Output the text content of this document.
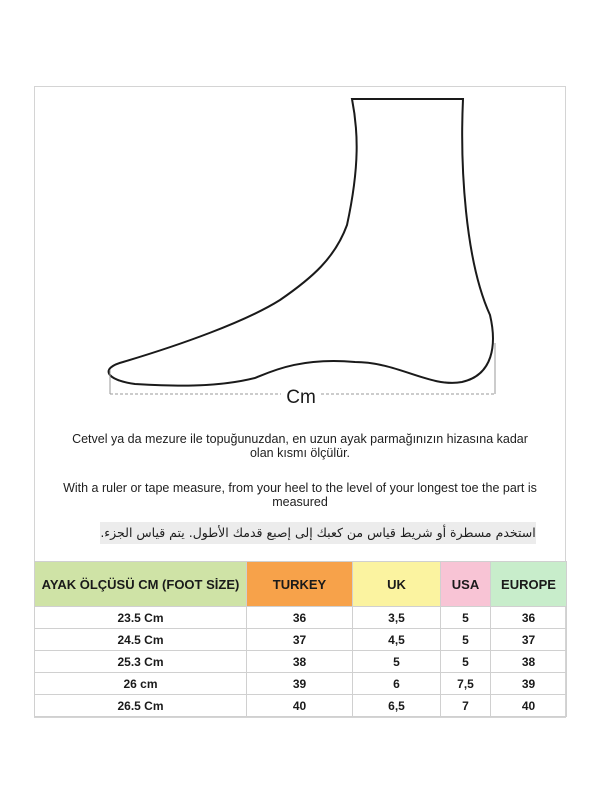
Cm
Cetvel ya da mezure ile topuğunuzdan, en uzun ayak parmağınızın hizasına kadar olan kısmı ölçülür.
With a ruler or tape measure, from your heel to the level of your longest toe the part is measured
استخدم مسطرة أو شريط قياس من كعبك إلى إصبع قدمك الأطول. يتم قياس الجزء.
AYAK ÖLÇÜSÜ CM (FOOT SİZE)	TURKEY	UK	USA	EUROPE
23.5 Cm	36	3,5	5	36
24.5 Cm	37	4,5	5	37
25.3 Cm	38	5	5	38
26 cm	39	6	7,5	39
26.5 Cm	40	6,5	7	40
